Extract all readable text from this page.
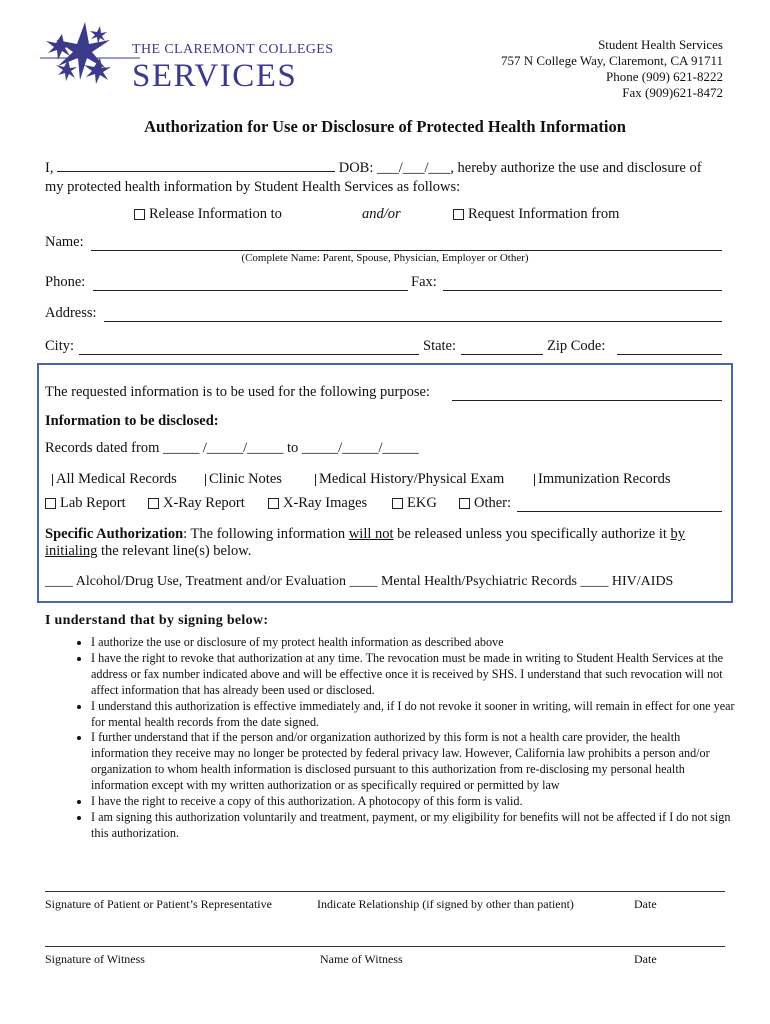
THE CLAREMONT COLLEGES
SERVICES
Student Health Services
757 N College Way, Claremont, CA 91711
Phone (909) 621-8222
Fax (909)621-8472
Authorization for Use or Disclosure of Protected Health Information
I,	DOB: ___/___/___, hereby authorize the use and disclosure of
my protected health information by Student Health Services as follows:
Release Information to	and/or	Request Information from
Name:
(Complete Name: Parent, Spouse, Physician, Employer or Other)
Phone:	Fax:
Address:
City:	State:	Zip Code:
The requested information is to be used for the following purpose:
Information to be disclosed:
Records dated from _____ /_____/_____ to _____/_____/_____
All Medical Records Clinic Notes	Medical History/Physical Exam Immunization Records
Lab Report	X-Ray Report	X-Ray Images	EKG	Other:
Specific Authorization: The following information will not be released unless you specifically authorize it by
initialing the relevant line(s) below.
____ Alcohol/Drug Use, Treatment and/or Evaluation ____ Mental Health/Psychiatric Records ____ HIV/AIDS
I understand that by signing below:
• I authorize the use or disclosure of my protect health information as described above
• I have the right to revoke that authorization at any time. The revocation must be made in writing to Student Health Services at the address or fax number indicated above and will be effective once it is received by SHS. I understand that such revocation will not affect information that has already been used or disclosed.
• I understand this authorization is effective immediately and, if I do not revoke it sooner in writing, will remain in effect for one year for mental health records from the date signed.
• I further understand that if the person and/or organization authorized by this form is not a health care provider, the health information they receive may no longer be protected by federal privacy law. However, California law prohibits a person and/or organization to whom health information is disclosed pursuant to this authorization from re-disclosing my personal health information except with my written authorization or as specifically required or permitted by law
• I have the right to receive a copy of this authorization. A photocopy of this form is valid.
• I am signing this authorization voluntarily and treatment, payment, or my eligibility for benefits will not be affected if I do not sign this authorization.
Signature of Patient or Patient’s Representative	Indicate Relationship (if signed by other than patient)	Date
Signature of Witness	Name of Witness	Date
